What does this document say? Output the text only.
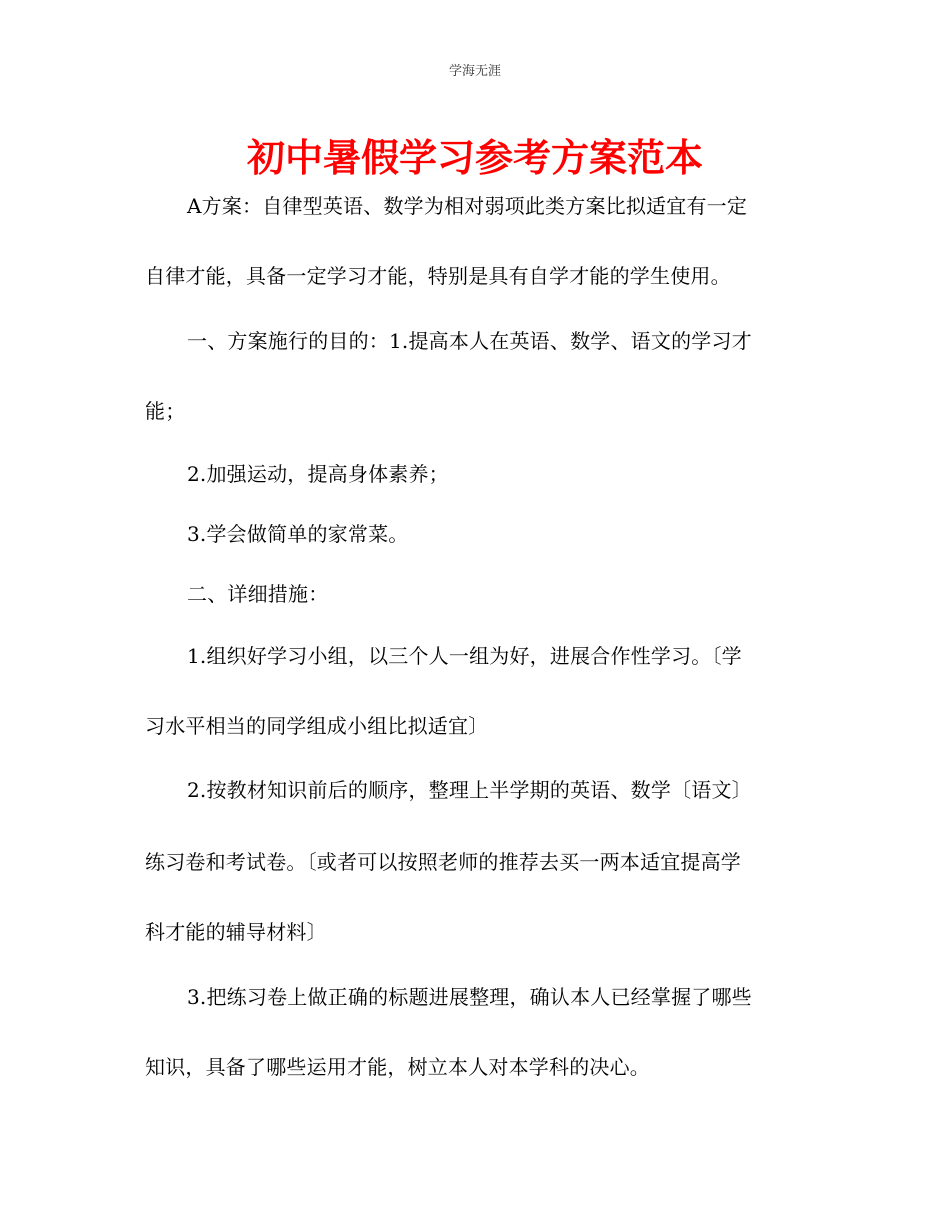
学海无涯
初中暑假学习参考方案范本
A方案：自律型英语、数学为相对弱项此类方案比拟适宜有一定
自律才能，具备一定学习才能，特别是具有自学才能的学生使用。
一、方案施行的目的：1.提高本人在英语、数学、语文的学习才
能；
2.加强运动，提高身体素养；
3.学会做简单的家常菜。
二、详细措施：
1.组织好学习小组，以三个人一组为好，进展合作性学习。〔学
习水平相当的同学组成小组比拟适宜〕
2.按教材知识前后的顺序，整理上半学期的英语、数学〔语文〕
练习卷和考试卷。〔或者可以按照老师的推荐去买一两本适宜提高学
科才能的辅导材料〕
3.把练习卷上做正确的标题进展整理，确认本人已经掌握了哪些
知识，具备了哪些运用才能，树立本人对本学科的决心。
